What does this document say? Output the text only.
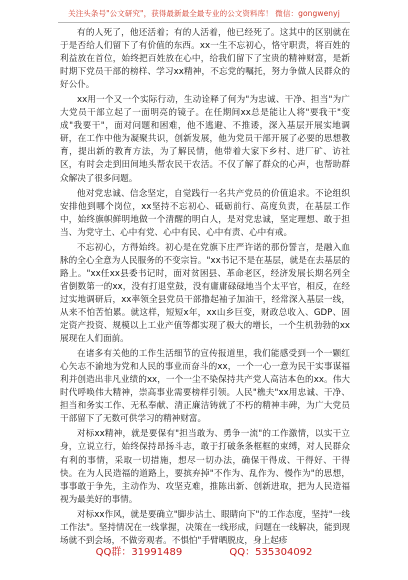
关注头条号"公文研究"，获得最新最全最专业的公文资料库！ 微信：gongwenyj

有的人死了，他还活着；有的人活着，他已经死了。这其中的区别就在于是否给人们留下了有价值的东西。xx一生不忘初心，恪守职责，将百姓的利益放在首位，始终把百姓放在心中，给我们留下了宝贵的精神财富，是新时期下党员干部的榜样、学习xx精神，不忘党的嘱托，努力争做人民群众的好公仆。

xx用一个又一个实际行动，生动诠释了何为"为忠诚、干净、担当"为广大党员干部立起了一面明亮的镜子。在任期间xx总是能让人将"要我干"变成"我要干"，面对问题和困难，他不逃避、不推诿，深入基层开展实地调研，在工作中他为凝聚共识，创新发展，他为党员干部开展了必要的思想教育，提出新的教育方法，为了解民情，他带着大家下乡村、进厂矿、访社区，有时会走到田间地头帮农民干农活。不仅了解了群众的心声，也帮助群众解决了很多问题。

他对党忠诚、信念坚定，自觉践行一名共产党员的价值追求。不论组织安排他到哪个岗位，xx坚持不忘初心、砥砺前行、高度负责，在基层工作中，始终旗帜鲜明地做一个清醒的明白人，是对党忠诚，坚定理想、敢于担当、为党守土、心中有党、心中有民、心中有责、心中有戒。

不忘初心，方得始终。初心是在党旗下庄严许诺的那份誓言，是融入血脉的全心全意为人民服务的不变宗旨。"xx书记不是在基层，就是在去基层的路上。"xx任xx县委书记时，面对贫困县、革命老区，经济发展长期名列全省倒数第一的xx，没有打退堂鼓，没有庸庸碌碌地当个太平官，相反，在经过实地调研后，xx率领全县党员干部撸起袖子加油干，经常深入基层一线，从来不怕苦怕累。就这样，短短x年，xx山乡巨变，财政总收入、GDP、固定资产投资、规模以上工业产值等都实现了极大的增长，一个生机勃勃的xx展现在人们面前。

在诸多有关他的工作生活细节的宣传报道里，我们能感受到一个一颗红心矢志不渝地为党和人民的事业而奋斗的xx，一个一心一意为民干实事谋福利并创造出非凡业绩的xx，一个一尘不染保持共产党人高洁本色的xx。伟大时代呼唤伟大精神，崇高事业需要榜样引领。人民"樵夫"xx用忠诚、干净、担当和务实工作、无私奉献、清正廉洁铸就了不朽的精神丰碑，为广大党员干部留下了无数可供学习的精神财富。

对标xx精神，就是要保有"担当敢为、勇争一流"的工作激情，以实干立身，立说立行，始终保持昂扬斗志，敢于打破条条框框的束缚，对人民群众有利的事情，采取一切措施，想尽一切办法，确保干得成、干得好、干得快。在为人民造福的道路上，要摈弃掉"不作为、乱作为、慢作为"的思想，事事敢于争先，主动作为、攻坚克难，推陈出新、创新进取，把为人民造福视为最美好的事情。

对标xx作风，就是要确立"脚步沾土、眼睛向下"的工作态度，坚持"一线工作法"。坚持情况在一线掌握，决策在一线形成，问题在一线解决，能到现场就不到会场，不做旁观者。不惧怕"手臂晒脱皮，身上起疹

QQ群：31991489	QQ：535304092
